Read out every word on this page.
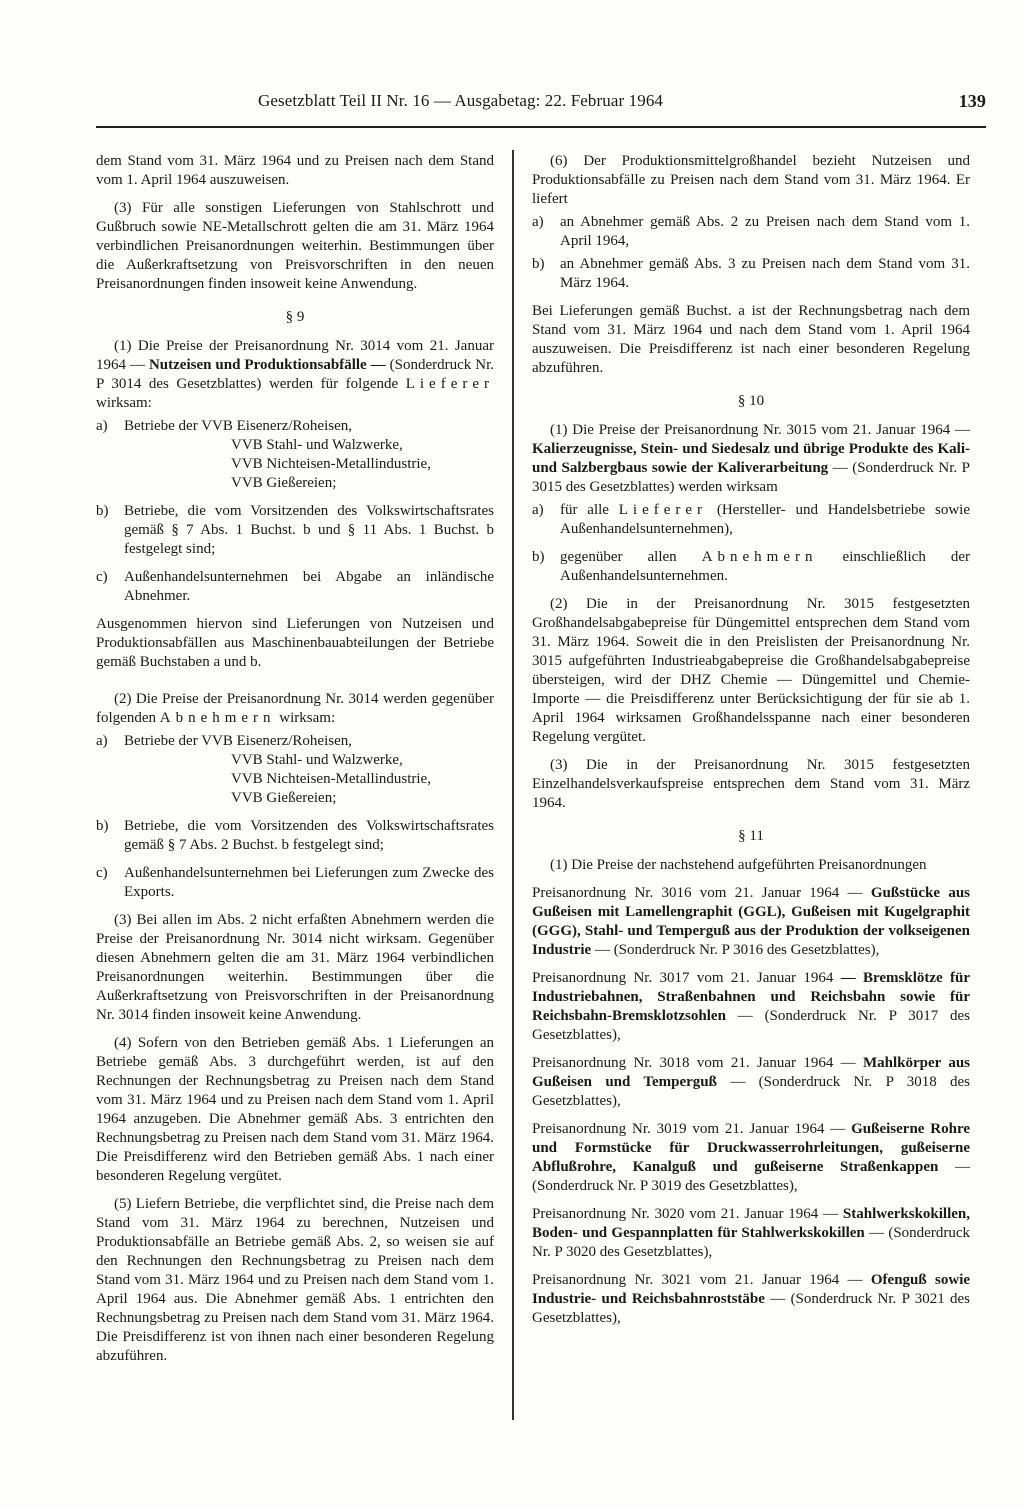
Gesetzblatt Teil II Nr. 16 — Ausgabetag: 22. Februar 1964	139

dem Stand vom 31. März 1964 und zu Preisen nach dem Stand vom 1. April 1964 auszuweisen.

(3) Für alle sonstigen Lieferungen von Stahlschrott und Gußbruch sowie NE-Metallschrott gelten die am 31. März 1964 verbindlichen Preisanordnungen weiterhin. Bestimmungen über die Außerkraftsetzung von Preisvorschriften in den neuen Preisanordnungen finden insoweit keine Anwendung.

§ 9

(1) Die Preise der Preisanordnung Nr. 3014 vom 21. Januar 1964 — Nutzeisen und Produktionsabfälle — (Sonderdruck Nr. P 3014 des Gesetzblattes) werden für folgende Lieferer wirksam:

a)	Betriebe der VVB Eisenerz/Roheisen,
VVB Stahl- und Walzwerke,
VVB Nichteisen-Metallindustrie,
VVB Gießereien;
b)	Betriebe, die vom Vorsitzenden des Volkswirtschaftsrates gemäß § 7 Abs. 1 Buchst. b und § 11 Abs. 1 Buchst. b festgelegt sind;
c)	Außenhandelsunternehmen bei Abgabe an inländische Abnehmer.

Ausgenommen hiervon sind Lieferungen von Nutzeisen und Produktionsabfällen aus Maschinenbauabteilungen der Betriebe gemäß Buchstaben a und b.

(2) Die Preise der Preisanordnung Nr. 3014 werden gegenüber folgenden Abnehmern wirksam:

a)	Betriebe der VVB Eisenerz/Roheisen,
VVB Stahl- und Walzwerke,
VVB Nichteisen-Metallindustrie,
VVB Gießereien;
b)	Betriebe, die vom Vorsitzenden des Volkswirtschaftsrates gemäß § 7 Abs. 2 Buchst. b festgelegt sind;
c)	Außenhandelsunternehmen bei Lieferungen zum Zwecke des Exports.

(3) Bei allen im Abs. 2 nicht erfaßten Abnehmern werden die Preise der Preisanordnung Nr. 3014 nicht wirksam. Gegenüber diesen Abnehmern gelten die am 31. März 1964 verbindlichen Preisanordnungen weiterhin. Bestimmungen über die Außerkraftsetzung von Preisvorschriften in der Preisanordnung Nr. 3014 finden insoweit keine Anwendung.

(4) Sofern von den Betrieben gemäß Abs. 1 Lieferungen an Betriebe gemäß Abs. 3 durchgeführt werden, ist auf den Rechnungen der Rechnungsbetrag zu Preisen nach dem Stand vom 31. März 1964 und zu Preisen nach dem Stand vom 1. April 1964 anzugeben. Die Abnehmer gemäß Abs. 3 entrichten den Rechnungsbetrag zu Preisen nach dem Stand vom 31. März 1964. Die Preisdifferenz wird den Betrieben gemäß Abs. 1 nach einer besonderen Regelung vergütet.

(5) Liefern Betriebe, die verpflichtet sind, die Preise nach dem Stand vom 31. März 1964 zu berechnen, Nutzeisen und Produktionsabfälle an Betriebe gemäß Abs. 2, so weisen sie auf den Rechnungen den Rechnungsbetrag zu Preisen nach dem Stand vom 31. März 1964 und zu Preisen nach dem Stand vom 1. April 1964 aus. Die Abnehmer gemäß Abs. 1 entrichten den Rechnungsbetrag zu Preisen nach dem Stand vom 31. März 1964. Die Preisdifferenz ist von ihnen nach einer besonderen Regelung abzuführen.

(6) Der Produktionsmittelgroßhandel bezieht Nutzeisen und Produktionsabfälle zu Preisen nach dem Stand vom 31. März 1964. Er liefert

a)	an Abnehmer gemäß Abs. 2 zu Preisen nach dem Stand vom 1. April 1964,
b)	an Abnehmer gemäß Abs. 3 zu Preisen nach dem Stand vom 31. März 1964.

Bei Lieferungen gemäß Buchst. a ist der Rechnungsbetrag nach dem Stand vom 31. März 1964 und nach dem Stand vom 1. April 1964 auszuweisen. Die Preisdifferenz ist nach einer besonderen Regelung abzuführen.

§ 10

(1) Die Preise der Preisanordnung Nr. 3015 vom 21. Januar 1964 — Kalierzeugnisse, Stein- und Siedesalz und übrige Produkte des Kali- und Salzbergbaus sowie der Kaliverarbeitung — (Sonderdruck Nr. P 3015 des Gesetzblattes) werden wirksam

a)	für alle Lieferer (Hersteller- und Handelsbetriebe sowie Außenhandelsunternehmen),
b)	gegenüber allen Abnehmern einschließlich der Außenhandelsunternehmen.

(2) Die in der Preisanordnung Nr. 3015 festgesetzten Großhandelsabgabepreise für Düngemittel entsprechen dem Stand vom 31. März 1964. Soweit die in den Preislisten der Preisanordnung Nr. 3015 aufgeführten Industrieabgabepreise die Großhandelsabgabepreise übersteigen, wird der DHZ Chemie — Düngemittel und Chemie-Importe — die Preisdifferenz unter Berücksichtigung der für sie ab 1. April 1964 wirksamen Großhandelsspanne nach einer besonderen Regelung vergütet.

(3) Die in der Preisanordnung Nr. 3015 festgesetzten Einzelhandelsverkaufspreise entsprechen dem Stand vom 31. März 1964.

§ 11

(1) Die Preise der nachstehend aufgeführten Preisanordnungen

Preisanordnung Nr. 3016 vom 21. Januar 1964 — Gußstücke aus Gußeisen mit Lamellengraphit (GGL), Gußeisen mit Kugelgraphit (GGG), Stahl- und Temperguß aus der Produktion der volkseigenen Industrie — (Sonderdruck Nr. P 3016 des Gesetzblattes),

Preisanordnung Nr. 3017 vom 21. Januar 1964 — Bremsklötze für Industriebahnen, Straßenbahnen und Reichsbahn sowie für Reichsbahn-Bremsklotzsohlen — (Sonderdruck Nr. P 3017 des Gesetzblattes),

Preisanordnung Nr. 3018 vom 21. Januar 1964 — Mahlkörper aus Gußeisen und Temperguß — (Sonderdruck Nr. P 3018 des Gesetzblattes),

Preisanordnung Nr. 3019 vom 21. Januar 1964 — Gußeiserne Rohre und Formstücke für Druckwasserrohrleitungen, gußeiserne Abflußrohre, Kanalguß und gußeiserne Straßenkappen — (Sonderdruck Nr. P 3019 des Gesetzblattes),

Preisanordnung Nr. 3020 vom 21. Januar 1964 — Stahlwerkskokillen, Boden- und Gespannplatten für Stahlwerkskokillen — (Sonderdruck Nr. P 3020 des Gesetzblattes),

Preisanordnung Nr. 3021 vom 21. Januar 1964 — Ofenguß sowie Industrie- und Reichsbahnroststäbe — (Sonderdruck Nr. P 3021 des Gesetzblattes),
